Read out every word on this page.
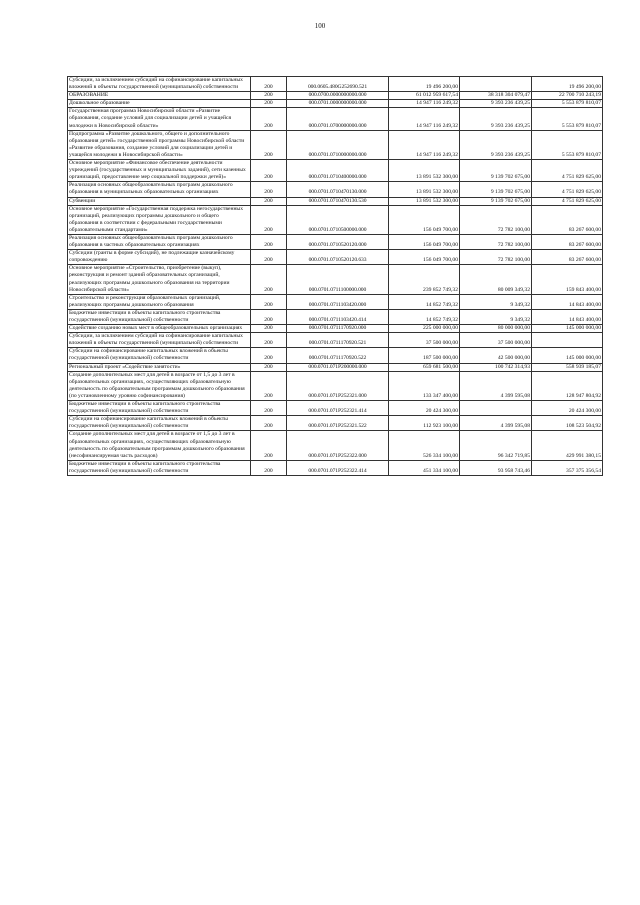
100
Субсидии, за исключением субсидий на софинансирование капитальных вложений в объекты государственной (муниципальной) собственности	200	000.0605.480G252690.521	19 496 200,00		19 496 200,00
ОБРАЗОВАНИЕ	200	000.0700.0000000000.000	61 012 959 617,54	38 318 304 079,47	22 700 710 243,19
Дошкольное образование	200	000.0701.0000000000.000	14 947 116 249,32	9 393 236 439,25	5 553 879 810,07
Государственная программа Новосибирской области «Развитие образования, создание условий для социализации детей и учащейся молодежи в Новосибирской области»	200	000.0701.0700000000.000	14 947 116 249,32	9 393 236 439,25	5 553 879 810,07
Подпрограмма «Развитие дошкольного, общего и дополнительного образования детей» государственной программы Новосибирской области «Развитие образования, создание условий для социализации детей и учащейся молодежи в Новосибирской области»	200	000.0701.0710000000.000	14 947 116 249,32	9 393 236 439,25	5 553 879 810,07
Основное мероприятие «Финансовое обеспечение деятельности учреждений (государственных и муниципальных заданий), сети казенных организаций, предоставление мер социальной поддержки детей)»	200	000.0701.0710400000.000	13 891 532 300,00	9 139 702 675,00	4 751 829 625,00
Реализация основных общеобразовательных программ дошкольного образования в муниципальных образовательных организациях	200	000.0701.0710470130.000	13 891 532 300,00	9 139 702 675,00	4 751 829 625,00
Субвенции	200	000.0701.0710470130.530	13 891 532 300,00	9 139 702 675,00	4 751 829 625,00
Основное мероприятие «Государственная поддержка негосударственных организаций, реализующих программы дошкольного и общего образования в соответствии с федеральными государственными образовательными стандартами»	200	000.0701.0710500000.000	156 049 700,00	72 782 100,00	83 267 600,00
Реализация основных общеобразовательных программ дошкольного образования в частных образовательных организациях	200	000.0701.0710520120.000	156 049 700,00	72 782 100,00	83 267 600,00
Субсидии (гранты в форме субсидий), не подлежащие казначейскому сопровождению	200	000.0701.0710520120.633	156 049 700,00	72 782 100,00	83 267 600,00
Основное мероприятие «Строительство, приобретение (выкуп), реконструкция и ремонт зданий образовательных организаций, реализующих программы дошкольного образования на территории Новосибирской области»	200	000.0701.0711100000.000	239 852 749,32	80 009 349,32	159 843 400,00
Строительство и реконструкция образовательных организаций, реализующих программы дошкольного образования	200	000.0701.0711103420.000	14 852 749,32	9 349,32	14 843 400,00
Бюджетные инвестиции в объекты капитального строительства государственной (муниципальной) собственности	200	000.0701.0711103420.414	14 852 749,32	9 349,32	14 843 400,00
Содействие созданию новых мест в общеобразовательных организациях	200	000.0701.0711170920.000	225 000 000,00	80 000 000,00	145 000 000,00
Субсидии, за исключением субсидий на софинансирование капитальных вложений в объекты государственной (муниципальной) собственности	200	000.0701.0711170920.521	37 500 000,00	37 500 000,00	
Субсидии на софинансирование капитальных вложений в объекты государственной (муниципальной) собственности	200	000.0701.0711170920.522	187 500 000,00	42 500 000,00	145 000 000,00
Региональный проект «Содействие занятости»	200	000.0701.071P200000.000	659 681 500,00	100 742 314,93	558 939 185,07
Создание дополнительных мест для детей в возрасте от 1,5 до 3 лет в образовательных организациях, осуществляющих образовательную деятельность по образовательным программам дошкольного образования (по установленному уровню софинансирования)	200	000.0701.071P252321.000	133 347 400,00	4 399 595,08	128 947 804,92
Бюджетные инвестиции в объекты капитального строительства государственной (муниципальной) собственности	200	000.0701.071P252321.414	20 424 300,00		20 424 300,00
Субсидии на софинансирование капитальных вложений в объекты государственной (муниципальной) собственности	200	000.0701.071P252321.522	112 923 100,00	4 399 595,08	108 523 504,92
Создание дополнительных мест для детей в возрасте от 1,5 до 3 лет в образовательных организациях, осуществляющих образовательную деятельность по образовательным программам дошкольного образования (несофинансируемая часть расходов)	200	000.0701.071P252322.000	526 334 100,00	96 342 719,85	429 991 380,15
Бюджетные инвестиции в объекты капитального строительства государственной (муниципальной) собственности	200	000.0701.071P252322.414	451 334 100,00	93 958 743,46	357 375 356,54
